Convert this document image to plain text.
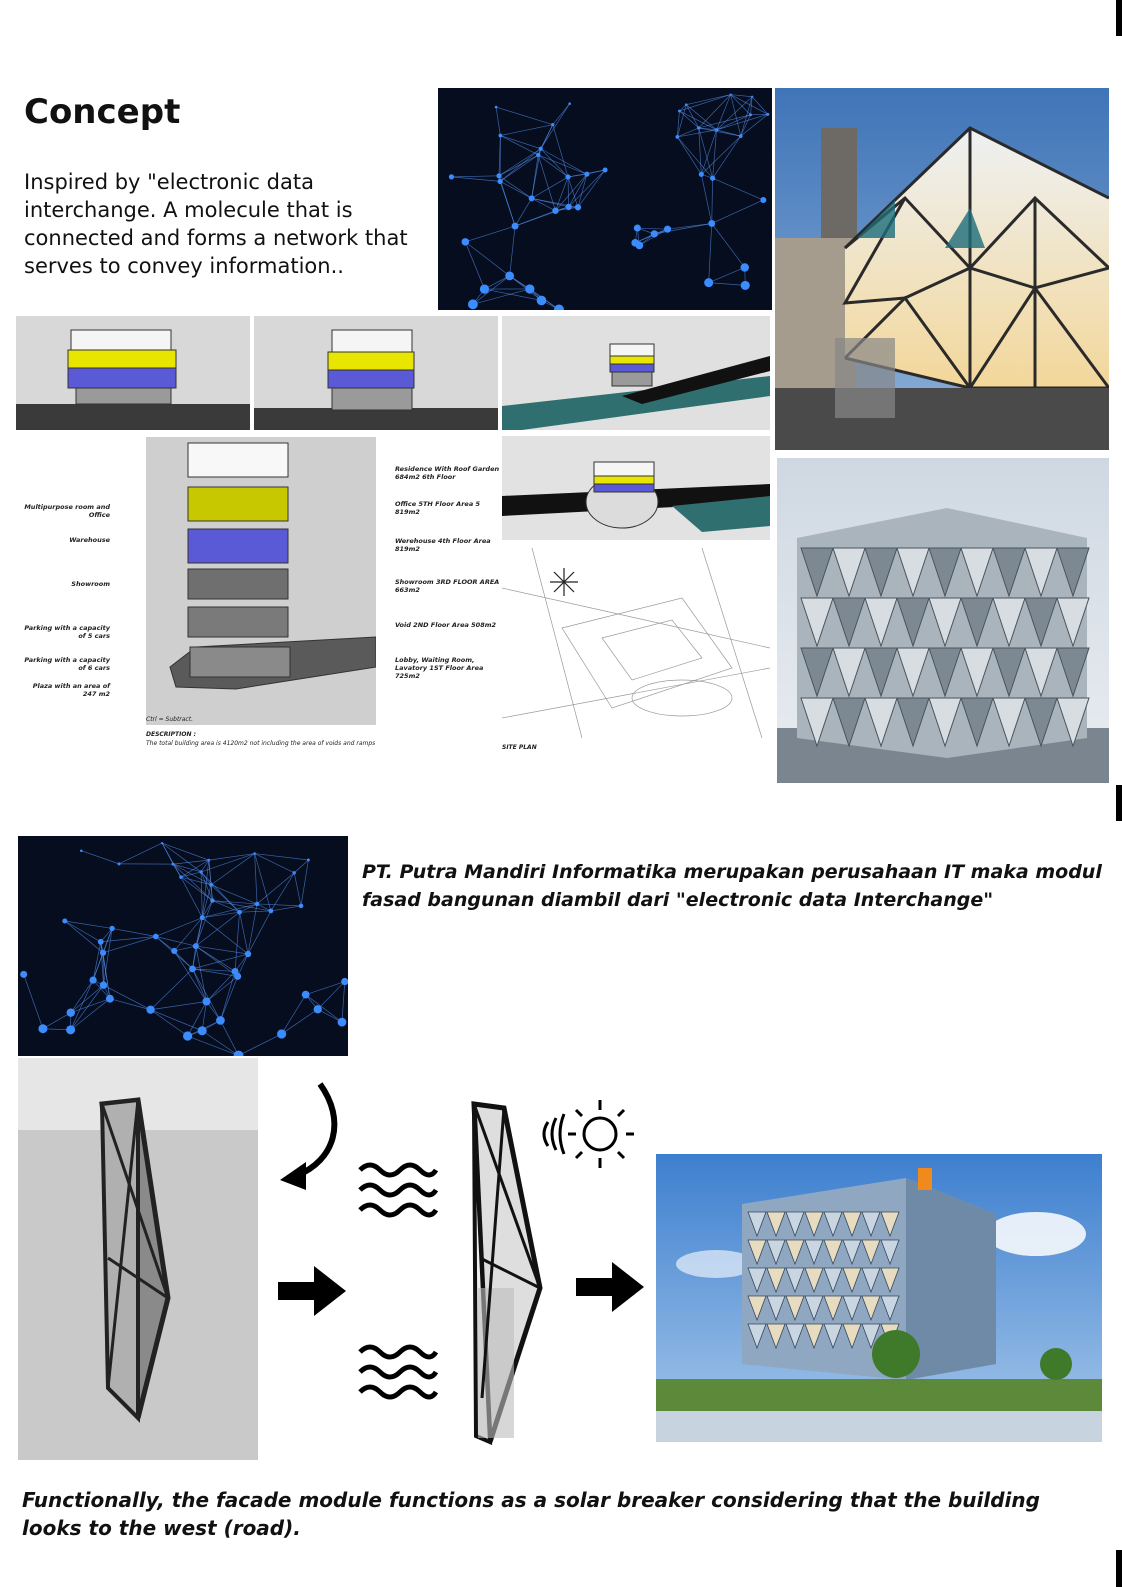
Concept
Inspired by "electronic data interchange. A molecule that is connected and forms a network that serves to convey information..
Multipurpose room and Office
Warehouse
Showroom
Parking with a capacity of 5 cars
Parking with a capacity of 6 cars
Plaza with an area of 247 m2
Residence With Roof Garden 684m2 6th Floor
Office 5TH Floor Area 5 819m2
Werehouse 4th Floor Area 819m2
Showroom 3RD FLOOR AREA 663m2
Void 2ND Floor Area 508m2
Lobby, Waiting Room, Lavatory 1ST Floor Area 725m2
Ctrl = Subtract.
DESCRIPTION :
The total building area is 4120m2 not including the area of voids and ramps
SITE PLAN
PT. Putra Mandiri Informatika merupakan perusahaan IT maka modul fasad bangunan diambil dari "electronic data Interchange"
Functionally, the facade module functions as a solar breaker considering that the building looks to the west (road).
